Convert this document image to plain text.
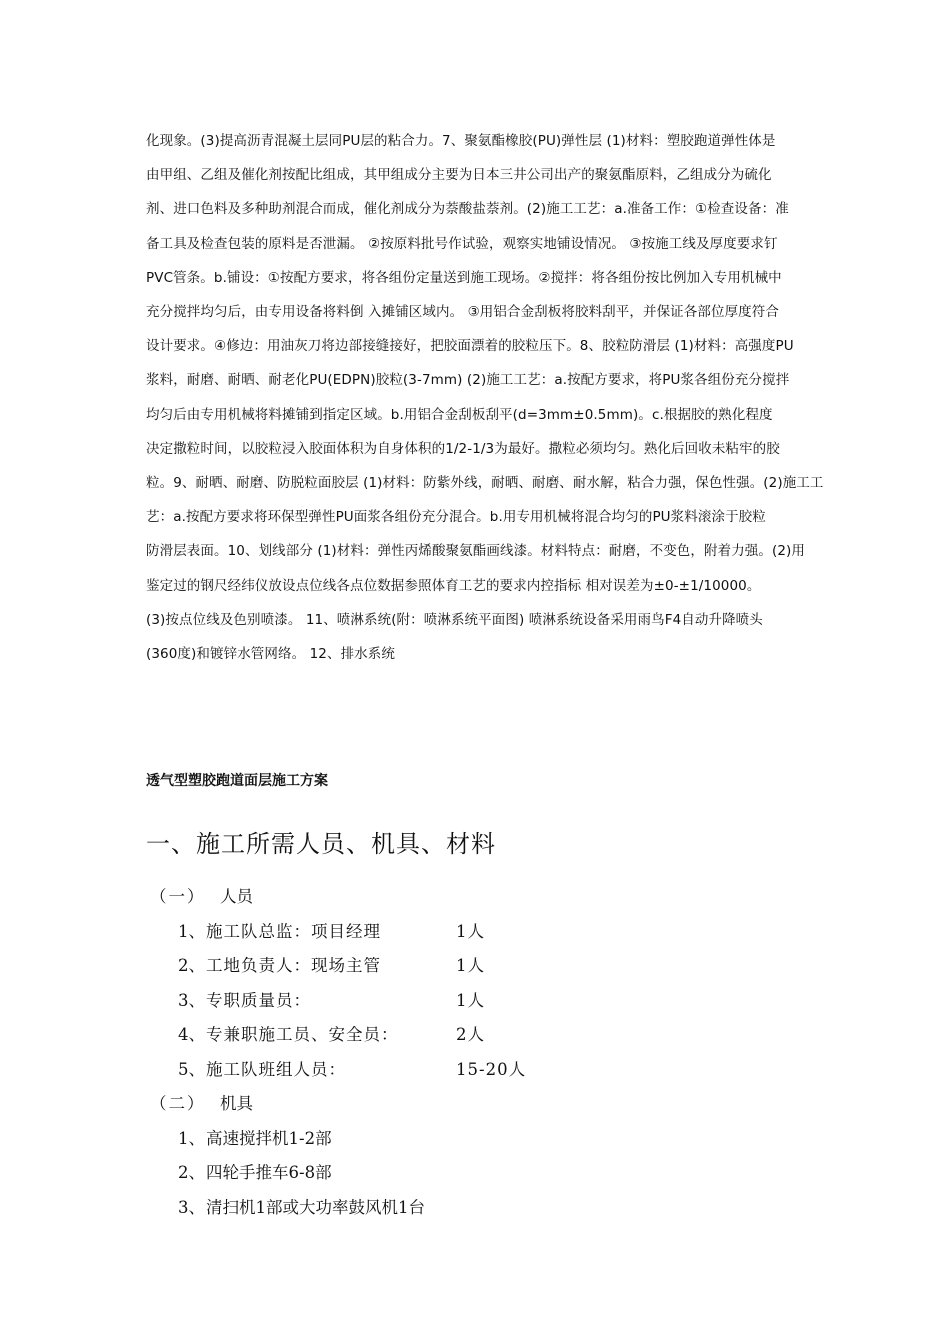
化现象。(3)提高沥青混凝土层同PU层的粘合力。7、聚氨酯橡胶(PU)弹性层 (1)材料：塑胶跑道弹性体是
由甲组、乙组及催化剂按配比组成，其甲组成分主要为日本三井公司出产的聚氨酯原料，乙组成分为硫化
剂、进口色料及多种助剂混合而成，催化剂成分为萘酸盐萘剂。(2)施工工艺：a.准备工作：①检查设备：准
备工具及检查包装的原料是否泄漏。 ②按原料批号作试验，观察实地铺设情况。 ③按施工线及厚度要求钉
PVC管条。b.铺设：①按配方要求，将各组份定量送到施工现场。②搅拌：将各组份按比例加入专用机械中
充分搅拌均匀后，由专用设备将料倒 入摊铺区域内。 ③用铝合金刮板将胶料刮平，并保证各部位厚度符合
设计要求。④修边：用油灰刀将边部接缝接好，把胶面漂着的胶粒压下。8、胶粒防滑层 (1)材料：高强度PU
浆料，耐磨、耐晒、耐老化PU(EDPN)胶粒(3-7mm) (2)施工工艺：a.按配方要求，将PU浆各组份充分搅拌
均匀后由专用机械将料摊铺到指定区域。b.用铝合金刮板刮平(d=3mm±0.5mm)。c.根据胶的熟化程度
决定撒粒时间，以胶粒浸入胶面体积为自身体积的1/2-1/3为最好。撒粒必须均匀。熟化后回收未粘牢的胶
粒。9、耐晒、耐磨、防脱粒面胶层 (1)材料：防紫外线，耐晒、耐磨、耐水解，粘合力强，保色性强。(2)施工工
艺：a.按配方要求将环保型弹性PU面浆各组份充分混合。b.用专用机械将混合均匀的PU浆料滚涂于胶粒
防滑层表面。10、划线部分 (1)材料：弹性丙烯酸聚氨酯画线漆。材料特点：耐磨，不变色，附着力强。(2)用
鉴定过的钢尺经纬仪放设点位线各点位数据参照体育工艺的要求内控指标 相对误差为±0-±1/10000。
(3)按点位线及色别喷漆。 11、喷淋系统(附：喷淋系统平面图) 喷淋系统设备采用雨鸟F4自动升降喷头
(360度)和镀锌水管网络。 12、排水系统

透气型塑胶跑道面层施工方案
一、施工所需人员、机具、材料
（一） 人员
1、 施工队总监：项目经理	1人
2、 工地负责人：现场主管	1人
3、 专职质量员：	1人
4、 专兼职施工员、安全员：	2人
5、 施工队班组人员：	15-20人
（二） 机具
1、 高速搅拌机1-2部
2、 四轮手推车6-8部
3、 清扫机1部或大功率鼓风机1台
